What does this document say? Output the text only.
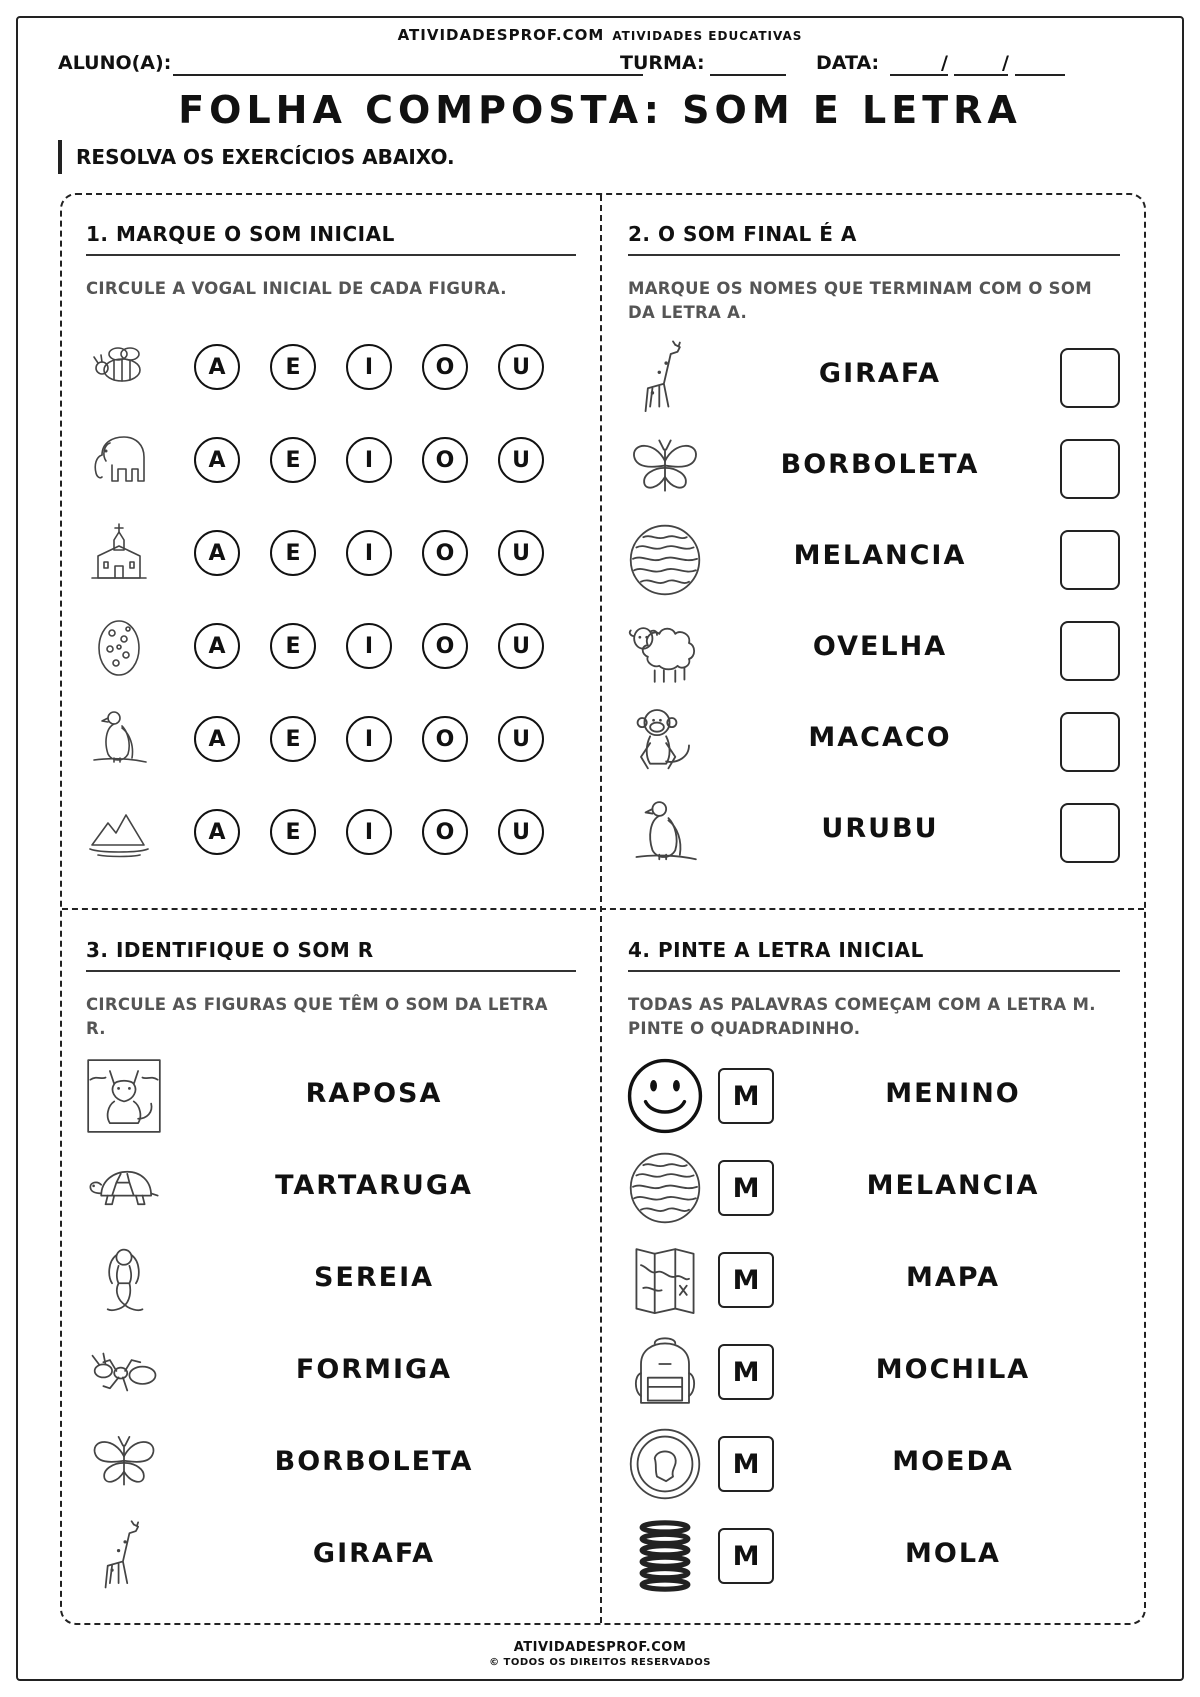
ATIVIDADESPROF.COM ATIVIDADES EDUCATIVAS
ALUNO(A):	TURMA:	DATA:	/	/
FOLHA COMPOSTA: SOM E LETRA
RESOLVA OS EXERCÍCIOS ABAIXO.
1. MARQUE O SOM INICIAL
CIRCULE A VOGAL INICIAL DE CADA FIGURA.
2. O SOM FINAL É A
MARQUE OS NOMES QUE TERMINAM COM O SOM
DA LETRA A.
3. IDENTIFIQUE O SOM R
CIRCULE AS FIGURAS QUE TÊM O SOM DA LETRA
R.
4. PINTE A LETRA INICIAL
TODAS AS PALAVRAS COMEÇAM COM A LETRA M.
PINTE O QUADRADINHO.
ATIVIDADESPROF.COM
© TODOS OS DIREITOS RESERVADOS
A	E	I	O	U
A	E	I	O	U
A	E	I	O	U
A	E	I	O	U
A	E	I	O	U
A	E	I	O	U
GIRAFA
BORBOLETA
MELANCIA
OVELHA
MACACO
URUBU
RAPOSA
TARTARUGA
SEREIA
FORMIGA
BORBOLETA
GIRAFA
M	MENINO
M	MELANCIA
M	MAPA
M	MOCHILA
M	MOEDA
M	MOLA
